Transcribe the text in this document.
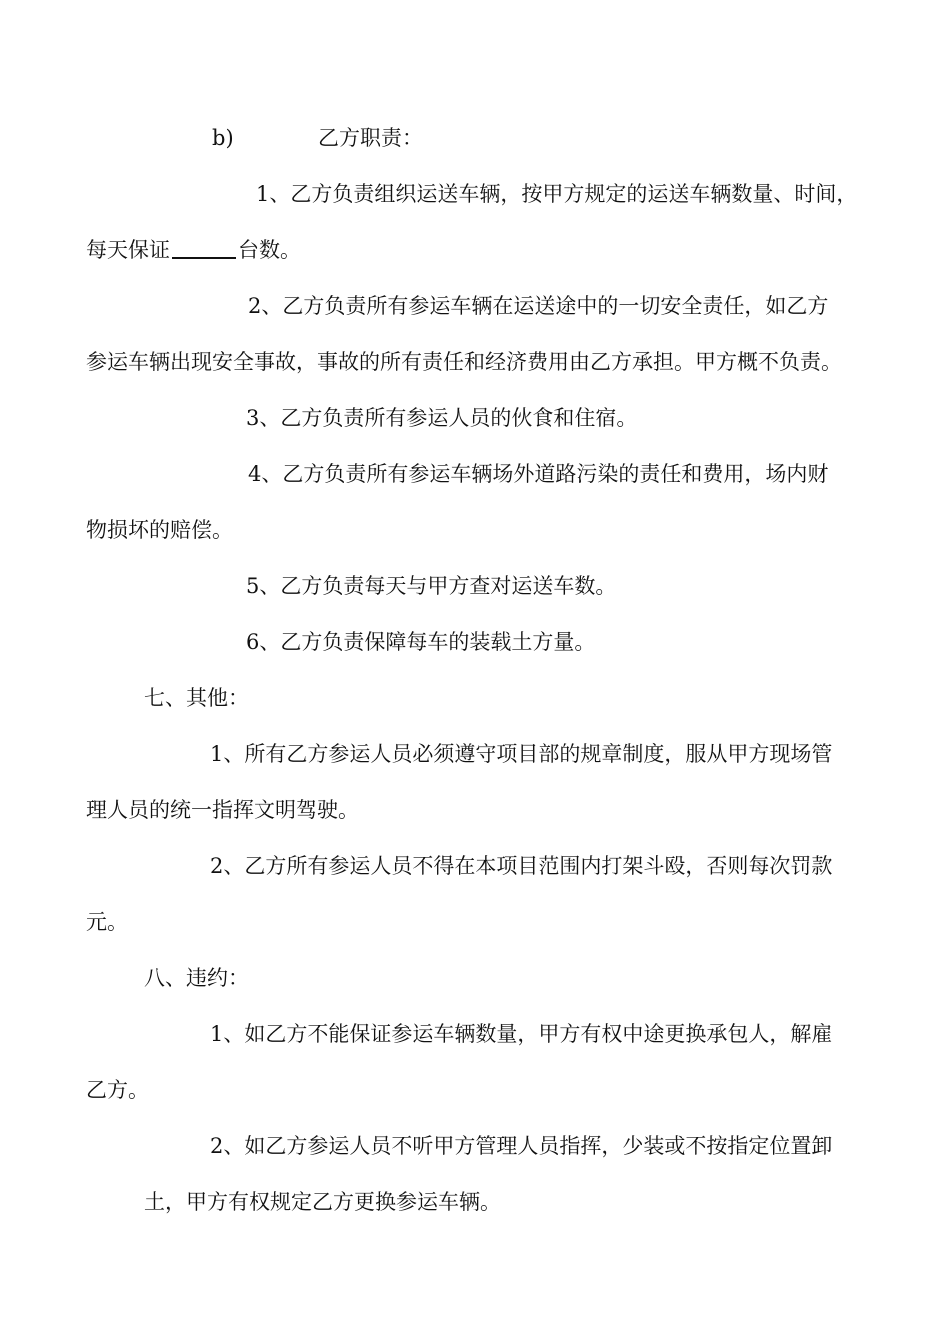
b)	乙方职责：
1、乙方负责组织运送车辆，按甲方规定的运送车辆数量、时间，
每天保证	台数。
2、乙方负责所有参运车辆在运送途中的一切安全责任，如乙方
参运车辆出现安全事故，事故的所有责任和经济费用由乙方承担。甲方概不负责。
3、乙方负责所有参运人员的伙食和住宿。
4、乙方负责所有参运车辆场外道路污染的责任和费用，场内财
物损坏的赔偿。
5、乙方负责每天与甲方查对运送车数。
6、乙方负责保障每车的装载土方量。
七、其他：
1、所有乙方参运人员必须遵守项目部的规章制度，服从甲方现场管
理人员的统一指挥文明驾驶。
2、乙方所有参运人员不得在本项目范围内打架斗殴，否则每次罚款
元。
八、违约：
1、如乙方不能保证参运车辆数量，甲方有权中途更换承包人，解雇
乙方。
2、如乙方参运人员不听甲方管理人员指挥，少装或不按指定位置卸
土，甲方有权规定乙方更换参运车辆。
